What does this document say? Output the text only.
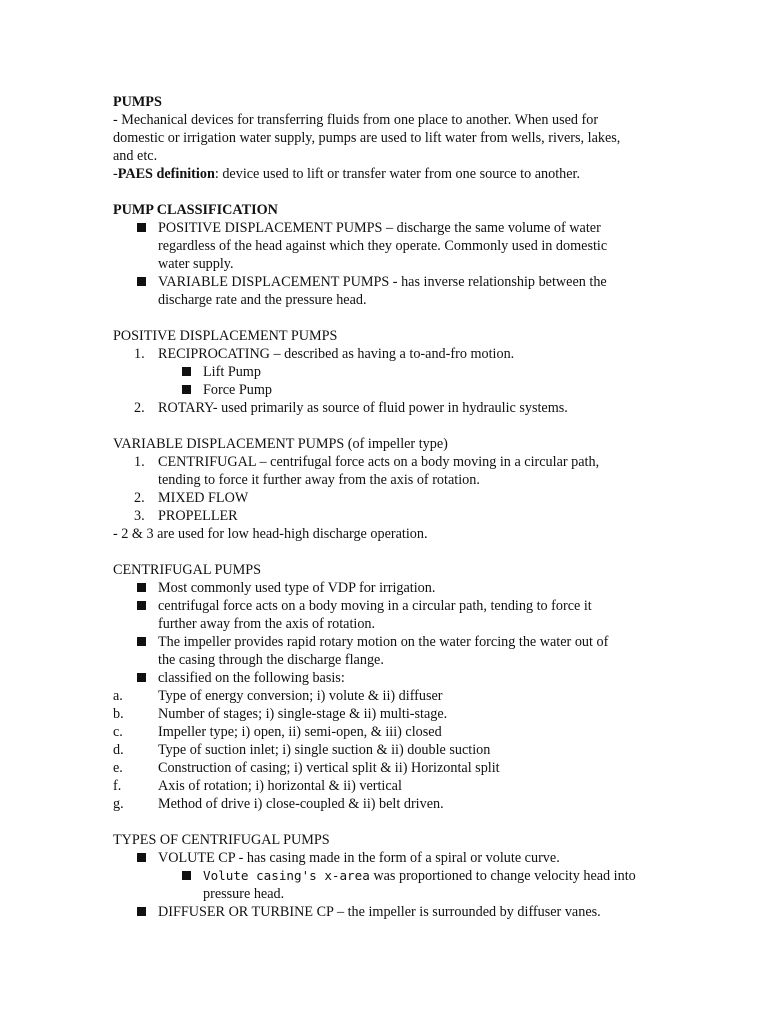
PUMPS
- Mechanical devices for transferring fluids from one place to another. When used for
domestic or irrigation water supply, pumps are used to lift water from wells, rivers, lakes,
and etc.
-PAES definition: device used to lift or transfer water from one source to another.
PUMP CLASSIFICATION
POSITIVE DISPLACEMENT PUMPS – discharge the same volume of water
regardless of the head against which they operate. Commonly used in domestic
water supply.
VARIABLE DISPLACEMENT PUMPS - has inverse relationship between the
discharge rate and the pressure head.
POSITIVE DISPLACEMENT PUMPS
1. RECIPROCATING – described as having a to-and-fro motion.
Lift Pump
Force Pump
2. ROTARY- used primarily as source of fluid power in hydraulic systems.
VARIABLE DISPLACEMENT PUMPS (of impeller type)
1. CENTRIFUGAL – centrifugal force acts on a body moving in a circular path,
tending to force it further away from the axis of rotation.
2. MIXED FLOW
3. PROPELLER
- 2 & 3 are used for low head-high discharge operation.
CENTRIFUGAL PUMPS
Most commonly used type of VDP for irrigation.
centrifugal force acts on a body moving in a circular path, tending to force it
further away from the axis of rotation.
The impeller provides rapid rotary motion on the water forcing the water out of
the casing through the discharge flange.
classified on the following basis:
a. Type of energy conversion; i) volute & ii) diffuser
b. Number of stages; i) single-stage & ii) multi-stage.
c. Impeller type; i) open, ii) semi-open, & iii) closed
d. Type of suction inlet; i) single suction & ii) double suction
e. Construction of casing; i) vertical split & ii) Horizontal split
f.	Axis of rotation; i) horizontal & ii) vertical
g. Method of drive i) close-coupled & ii) belt driven.
TYPES OF CENTRIFUGAL PUMPS
VOLUTE CP - has casing made in the form of a spiral or volute curve.
Volute casing's x-area was proportioned to change velocity head into
pressure head.
DIFFUSER OR TURBINE CP – the impeller is surrounded by diffuser vanes.
